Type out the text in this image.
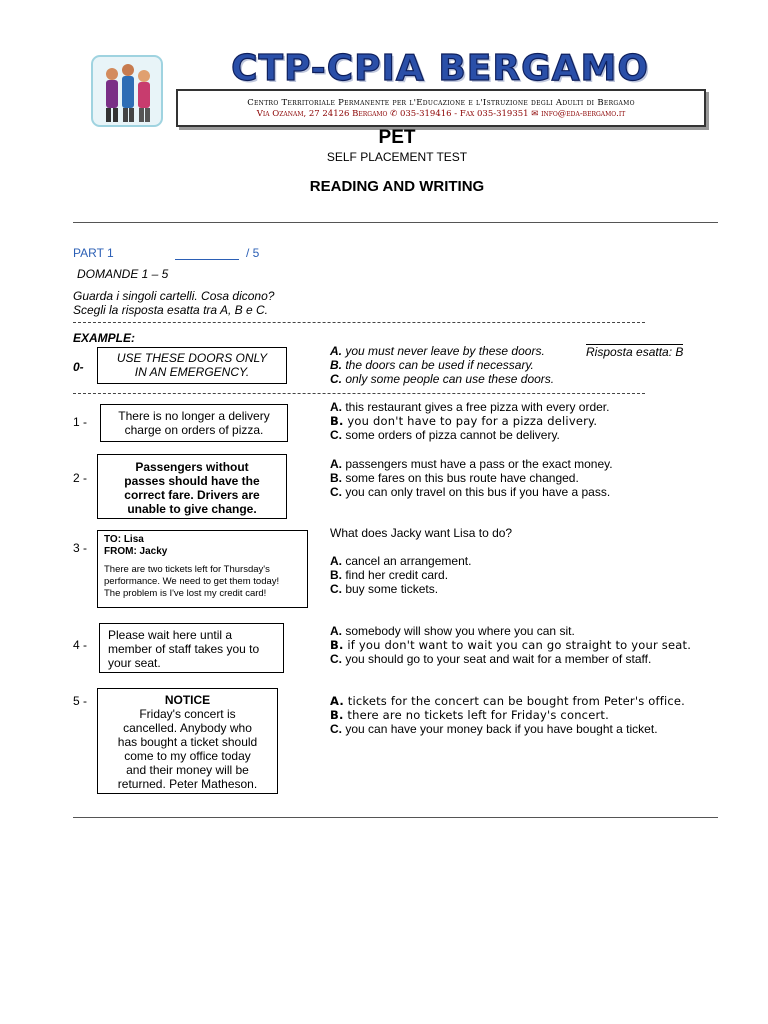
CTP-CPIA BERGAMO
Centro Territoriale Permanente per l'Educazione e l'Istruzione degli Adulti di Bergamo
Via Ozanam, 27 24126 Bergamo ✆ 035-319416 - Fax 035-319351 ✉ info@eda-bergamo.it
PET
SELF PLACEMENT TEST
READING AND WRITING
PART 1	/ 5
DOMANDE 1 – 5
Guarda i singoli cartelli. Cosa dicono?
Scegli la risposta esatta tra A, B e C.
EXAMPLE:
0-
USE THESE DOORS ONLY
IN AN EMERGENCY.
A. you must never leave by these doors.
B. the doors can be used if necessary.
C. only some people can use these doors.
Risposta esatta: B
1 -	There is no longer a delivery
charge on orders of pizza.
A. this restaurant gives a free pizza with every order.
B. you don't have to pay for a pizza delivery.
C. some orders of pizza cannot be delivery.
2 -
Passengers without
passes should have the
correct fare. Drivers are
unable to give change.
A. passengers must have a pass or the exact money.
B. some fares on this bus route have changed.
C. you can only travel on this bus if you have a pass.
3 -
TO: Lisa
FROM: Jacky
There are two tickets left for Thursday's
performance. We need to get them today!
The problem is I've lost my credit card!
What does Jacky want Lisa to do?
A. cancel an arrangement.
B. find her credit card.
C. buy some tickets.
4 -
Please wait here until a
member of staff takes you to
your seat.
A. somebody will show you where you can sit.
B. if you don't want to wait you can go straight to your seat.
C. you should go to your seat and wait for a member of staff.
5 -	NOTICE
Friday's concert is
cancelled. Anybody who
has bought a ticket should
come to my office today
and their money will be
returned. Peter Matheson.
A. tickets for the concert can be bought from Peter's office.
B. there are no tickets left for Friday's concert.
C. you can have your money back if you have bought a ticket.
